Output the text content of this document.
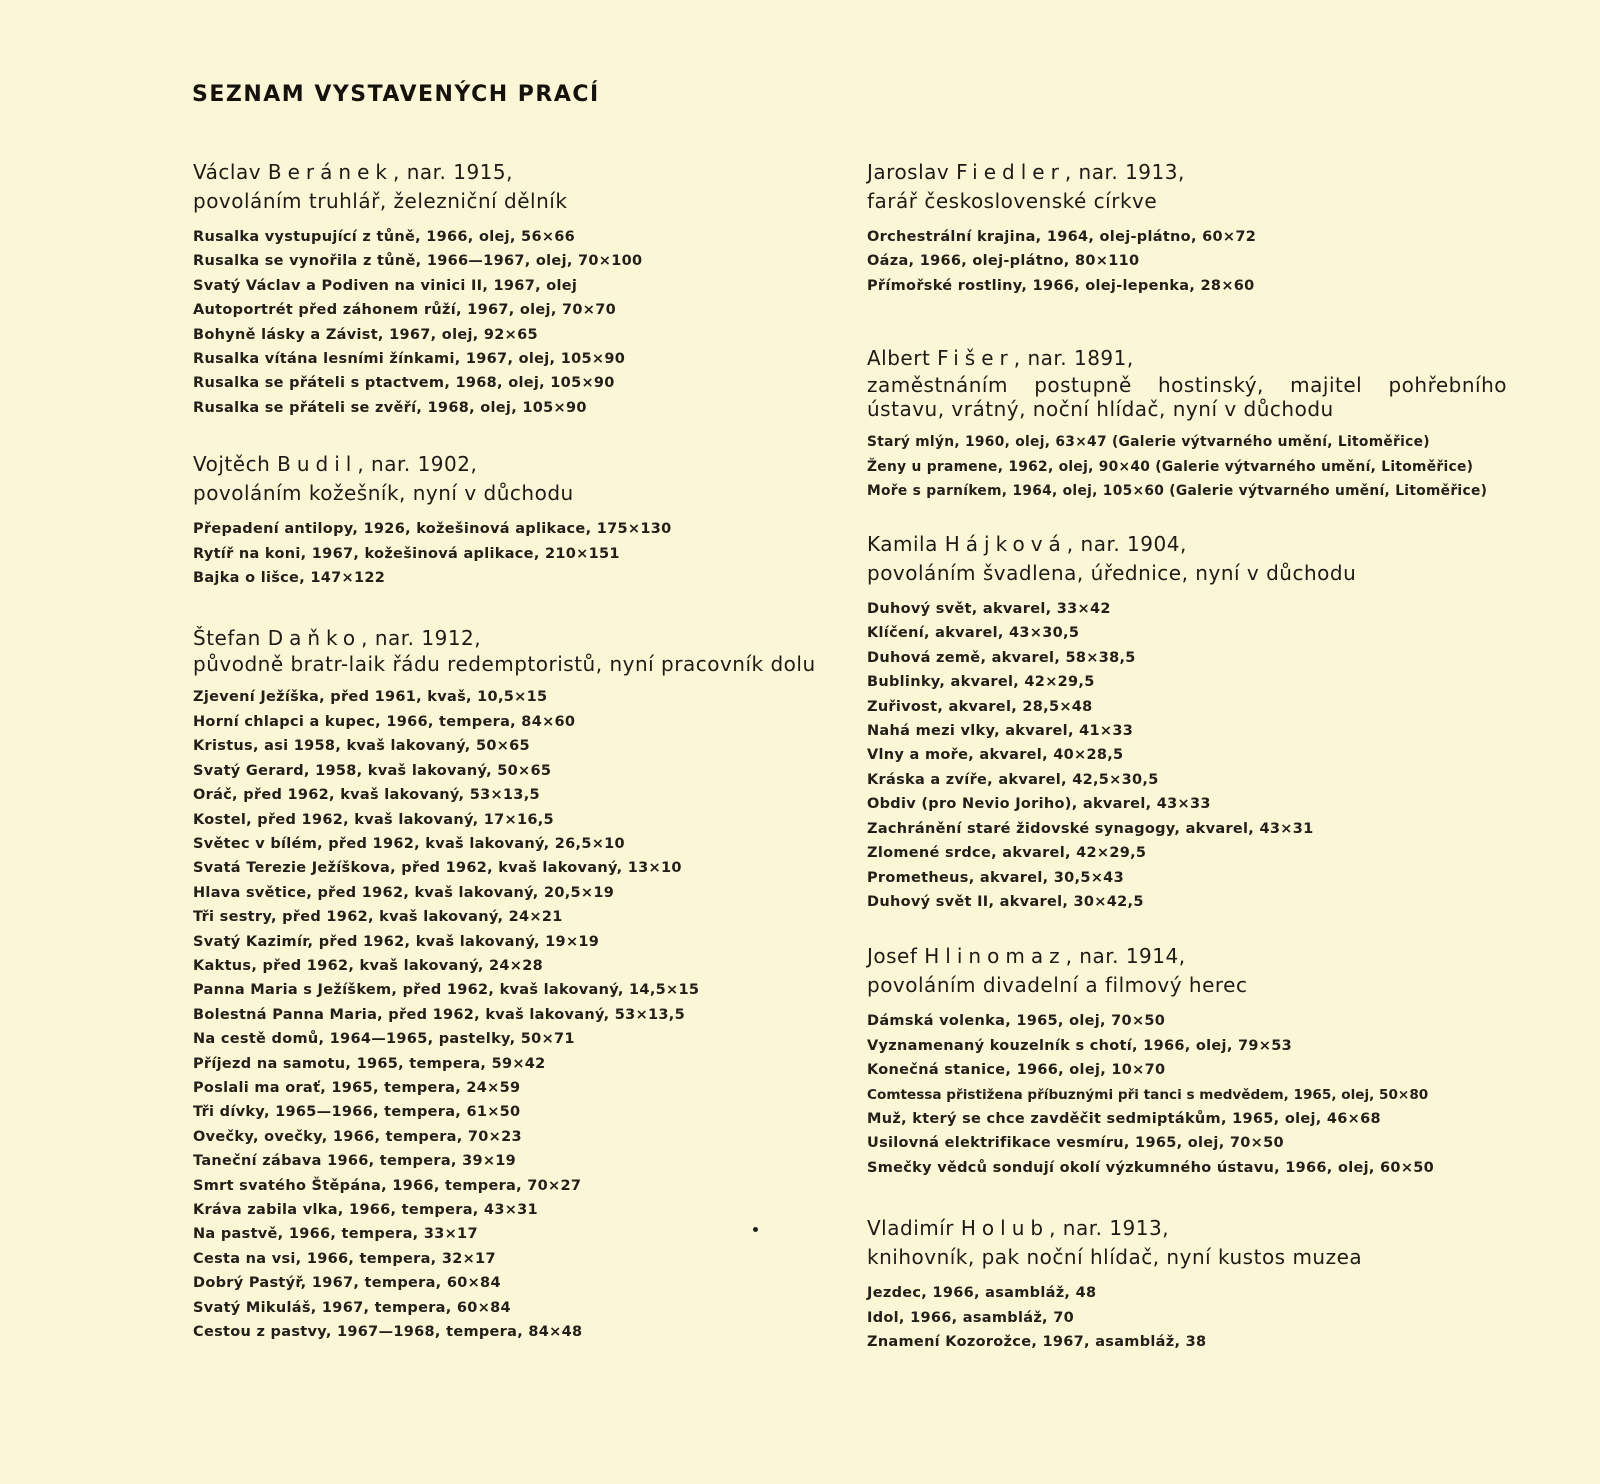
SEZNAM VYSTAVENÝCH PRACÍ
Václav Beránek, nar. 1915,
povoláním truhlář, železniční dělník
Rusalka vystupující z tůně, 1966, olej, 56×66
Rusalka se vynořila z tůně, 1966—1967, olej, 70×100
Svatý Václav a Podiven na vinici II, 1967, olej
Autoportrét před záhonem růží, 1967, olej, 70×70
Bohyně lásky a Závist, 1967, olej, 92×65
Rusalka vítána lesními žínkami, 1967, olej, 105×90
Rusalka se přáteli s ptactvem, 1968, olej, 105×90
Rusalka se přáteli se zvěří, 1968, olej, 105×90
Vojtěch Budil, nar. 1902,
povoláním kožešník, nyní v důchodu
Přepadení antilopy, 1926, kožešinová aplikace, 175×130
Rytíř na koni, 1967, kožešinová aplikace, 210×151
Bajka o lišce, 147×122
Štefan Daňko, nar. 1912,
původně bratr-laik řádu redemptoristů, nyní pracovník dolu
Zjevení Ježíška, před 1961, kvaš, 10,5×15
Horní chlapci a kupec, 1966, tempera, 84×60
Kristus, asi 1958, kvaš lakovaný, 50×65
Svatý Gerard, 1958, kvaš lakovaný, 50×65
Oráč, před 1962, kvaš lakovaný, 53×13,5
Kostel, před 1962, kvaš lakovaný, 17×16,5
Světec v bílém, před 1962, kvaš lakovaný, 26,5×10
Svatá Terezie Ježíškova, před 1962, kvaš lakovaný, 13×10
Hlava světice, před 1962, kvaš lakovaný, 20,5×19
Tři sestry, před 1962, kvaš lakovaný, 24×21
Svatý Kazimír, před 1962, kvaš lakovaný, 19×19
Kaktus, před 1962, kvaš lakovaný, 24×28
Panna Maria s Ježíškem, před 1962, kvaš lakovaný, 14,5×15
Bolestná Panna Maria, před 1962, kvaš lakovaný, 53×13,5
Na cestě domů, 1964—1965, pastelky, 50×71
Příjezd na samotu, 1965, tempera, 59×42
Poslali ma orať, 1965, tempera, 24×59
Tři dívky, 1965—1966, tempera, 61×50
Ovečky, ovečky, 1966, tempera, 70×23
Taneční zábava 1966, tempera, 39×19
Smrt svatého Štěpána, 1966, tempera, 70×27
Kráva zabila vlka, 1966, tempera, 43×31
Na pastvě, 1966, tempera, 33×17
Cesta na vsi, 1966, tempera, 32×17
Dobrý Pastýř, 1967, tempera, 60×84
Svatý Mikuláš, 1967, tempera, 60×84
Cestou z pastvy, 1967—1968, tempera, 84×48
Jaroslav Fiedler, nar. 1913,
farář československé církve
Orchestrální krajina, 1964, olej-plátno, 60×72
Oáza, 1966, olej-plátno, 80×110
Přímořské rostliny, 1966, olej-lepenka, 28×60
Albert Fišer, nar. 1891,
zaměstnáním postupně hostinský, majitel pohřebního ústavu, vrátný, noční hlídač, nyní v důchodu
Starý mlýn, 1960, olej, 63×47 (Galerie výtvarného umění, Litoměřice)
Ženy u pramene, 1962, olej, 90×40 (Galerie výtvarného umění, Litoměřice)
Moře s parníkem, 1964, olej, 105×60 (Galerie výtvarného umění, Litoměřice)
Kamila Hájková, nar. 1904,
povoláním švadlena, úřednice, nyní v důchodu
Duhový svět, akvarel, 33×42
Klíčení, akvarel, 43×30,5
Duhová země, akvarel, 58×38,5
Bublinky, akvarel, 42×29,5
Zuřivost, akvarel, 28,5×48
Nahá mezi vlky, akvarel, 41×33
Vlny a moře, akvarel, 40×28,5
Kráska a zvíře, akvarel, 42,5×30,5
Obdiv (pro Nevio Joriho), akvarel, 43×33
Zachránění staré židovské synagogy, akvarel, 43×31
Zlomené srdce, akvarel, 42×29,5
Prometheus, akvarel, 30,5×43
Duhový svět II, akvarel, 30×42,5
Josef Hlinomaz, nar. 1914,
povoláním divadelní a filmový herec
Dámská volenka, 1965, olej, 70×50
Vyznamenaný kouzelník s chotí, 1966, olej, 79×53
Konečná stanice, 1966, olej, 10×70
Comtessa přistižena příbuznými při tanci s medvědem, 1965, olej, 50×80
Muž, který se chce zavděčit sedmiptákům, 1965, olej, 46×68
Usilovná elektrifikace vesmíru, 1965, olej, 70×50
Smečky vědců sondují okolí výzkumného ústavu, 1966, olej, 60×50
Vladimír Holub, nar. 1913,
knihovník, pak noční hlídač, nyní kustos muzea
Jezdec, 1966, asambláž, 48
Idol, 1966, asambláž, 70
Znamení Kozorožce, 1967, asambláž, 38
